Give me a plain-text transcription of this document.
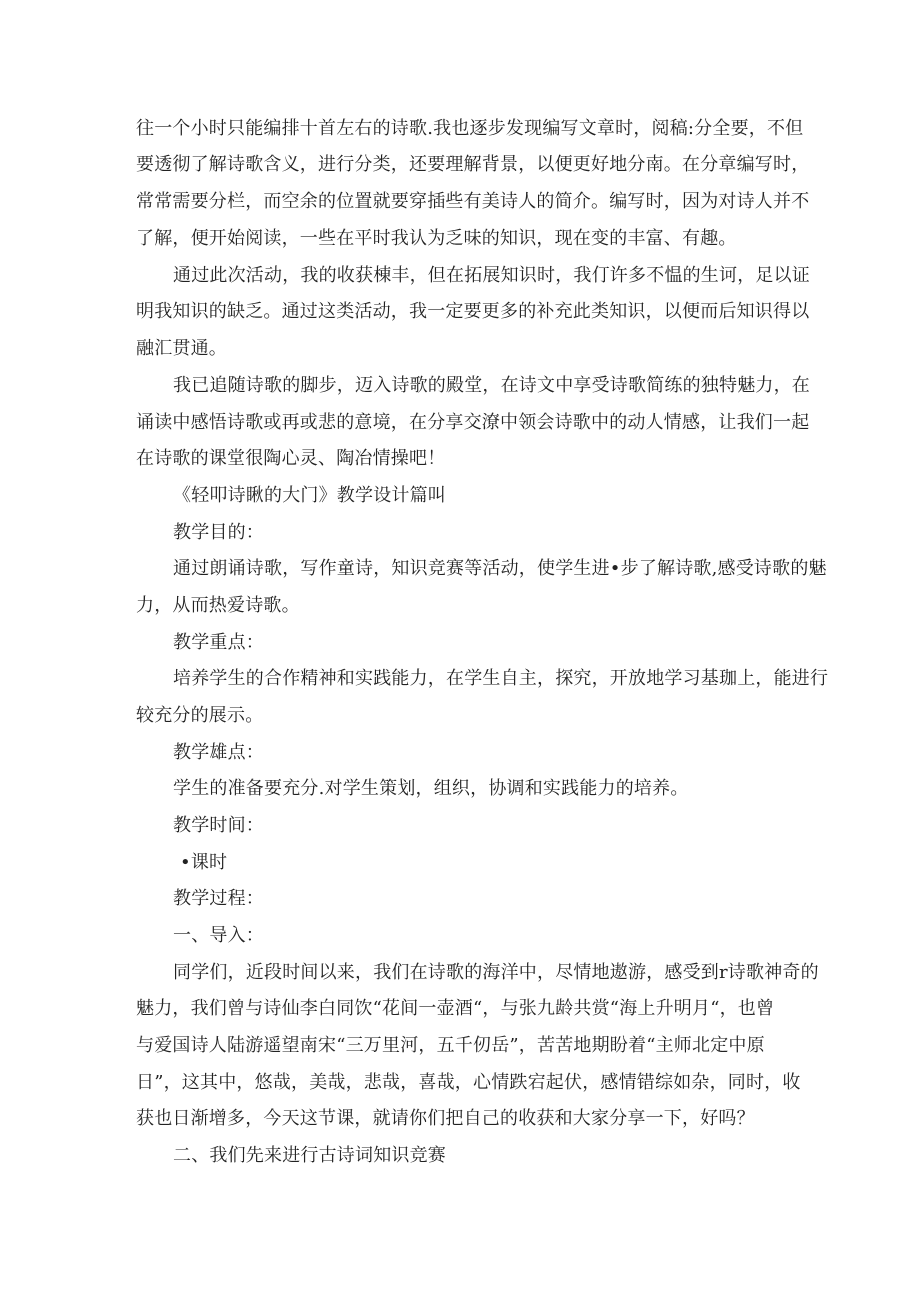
往一个小时只能编排十首左右的诗歌.我也逐步发现编写文章时，阅稿:分全要，不但
要透彻了解诗歌含义，进行分类，还要理解背景，以便更好地分南。在分章编写时，
常常需要分栏，而空余的位置就要穿插些有美诗人的简介。编写时，因为对诗人并不
了解，便开始阅读，一些在平时我认为乏味的知识，现在变的丰富、有趣。
通过此次活动，我的收获棟丰，但在拓展知识时，我仃许多不愠的生诃，足以证
明我知识的缺乏。通过这类活动，我一定要更多的补充此类知识，以便而后知识得以
融汇贯通。
我已追随诗歌的脚步，迈入诗歌的殿堂，在诗文中享受诗歌简练的独特魅力，在
诵读中感悟诗歌或再或悲的意境，在分享交潦中领会诗歌中的动人情感，让我们一起
在诗歌的课堂很陶心灵、陶冶情操吧！
《轻叩诗瞅的大门》教学设计篇叫
教学目的：
通过朗诵诗歌，写作童诗，知识竞赛等活动，使学生进•步了解诗歌,感受诗歌的魅
力，从而热爱诗歌。
教学重点：
培养学生的合作精神和实践能力，在学生自主，探究，开放地学习基珈上，能进行
较充分的展示。
教学雄点：
学生的准备要充分.对学生策划，组织，协调和实践能力的培养。
教学时间：
•课时
教学过程：
一、导入：
同学们，近段时间以来，我们在诗歌的海洋中，尽情地遨游，感受到r诗歌神奇的
魅力，我们曾与诗仙李白同饮“花间一壶酒“，与张九龄共赏“海上升明月“，也曾
与爱国诗人陆游遥望南宋“三万里河，五千仞岳”，苦苦地期盼着“主师北定中原
日”，这其中，悠哉，美哉，悲哉，喜哉，心情跌宕起伏，感情错综如杂，同时，收
获也日渐增多，今天这节课，就请你们把自己的收获和大家分享一下，好吗？
二、我们先来进行古诗词知识竞赛
